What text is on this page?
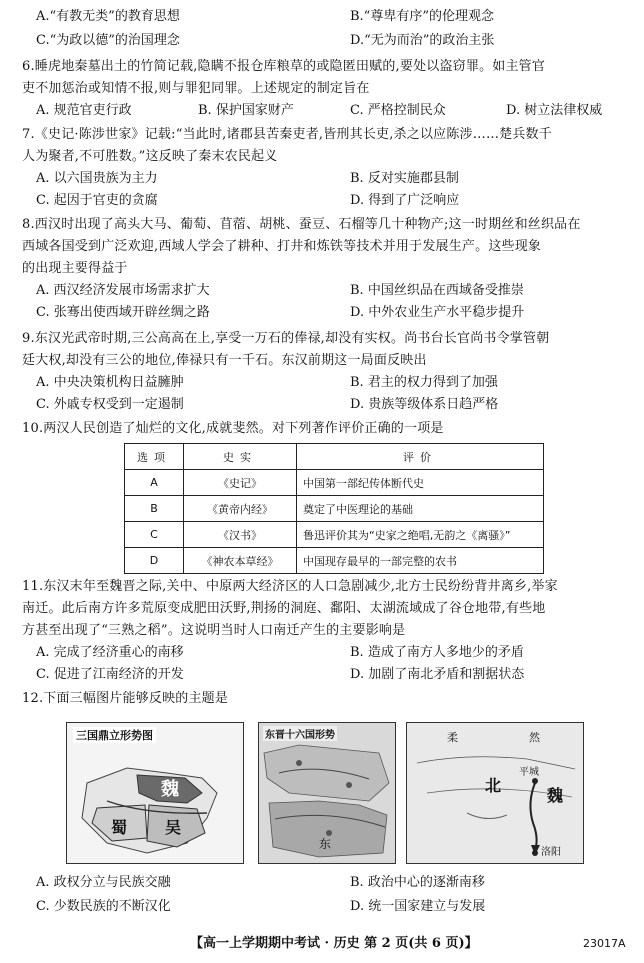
A.“有教无类”的教育思想	B.“尊卑有序”的伦理观念
C.“为政以德”的治国理念	D.“无为而治”的政治主张
6.睡虎地秦墓出土的竹简记载,隐瞒不报仓库粮草的或隐匿田赋的,要处以盗窃罪。如主管官
吏不加惩治或知情不报,则与罪犯同罪。上述规定的制定旨在
A. 规范官吏行政	B. 保护国家财产	C. 严格控制民众	D. 树立法律权威
7.《史记·陈涉世家》记载:“当此时,诸郡县苦秦吏者,皆刑其长吏,杀之以应陈涉……楚兵数千
人为聚者,不可胜数。”这反映了秦末农民起义
A. 以六国贵族为主力	B. 反对实施郡县制
C. 起因于官吏的贪腐	D. 得到了广泛响应
8.西汉时出现了高头大马、葡萄、苜蓿、胡桃、蚕豆、石榴等几十种物产;这一时期丝和丝织品在
西域各国受到广泛欢迎,西域人学会了耕种、打井和炼铁等技术并用于发展生产。这些现象
的出现主要得益于
A. 西汉经济发展市场需求扩大	B. 中国丝织品在西域备受推崇
C. 张骞出使西域开辟丝绸之路	D. 中外农业生产水平稳步提升
9.东汉光武帝时期,三公高高在上,享受一万石的俸禄,却没有实权。尚书台长官尚书令掌管朝
廷大权,却没有三公的地位,俸禄只有一千石。东汉前期这一局面反映出
A. 中央决策机构日益臃肿	B. 君主的权力得到了加强
C. 外戚专权受到一定遏制	D. 贵族等级体系日趋严格
10.两汉人民创造了灿烂的文化,成就斐然。对下列著作评价正确的一项是
选项	史实	评价
A	《史记》	中国第一部纪传体断代史
B	《黄帝内经》	奠定了中医理论的基础
C	《汉书》	鲁迅评价其为“史家之绝唱,无韵之《离骚》”
D	《神农本草经》	中国现存最早的一部完整的农书
11.东汉末年至魏晋之际,关中、中原两大经济区的人口急剧减少,北方士民纷纷背井离乡,举家
南迁。此后南方许多荒原变成肥田沃野,荆扬的洞庭、鄱阳、太湖流域成了谷仓地带,有些地
方甚至出现了“三熟之稻”。这说明当时人口南迁产生的主要影响是
A. 完成了经济重心的南移	B. 造成了南方人多地少的矛盾
C. 促进了江南经济的开发	D. 加剧了南北矛盾和割据状态
12.下面三幅图片能够反映的主题是
三国鼎立形势图
魏
蜀 吴
东晋十六国形势
东
柔	然
北
魏
平城
洛阳
A. 政权分立与民族交融	B. 政治中心的逐渐南移
C. 少数民族的不断汉化	D. 统一国家建立与发展
【高一上学期期中考试 · 历史 第 2 页(共 6 页)】	23017A
